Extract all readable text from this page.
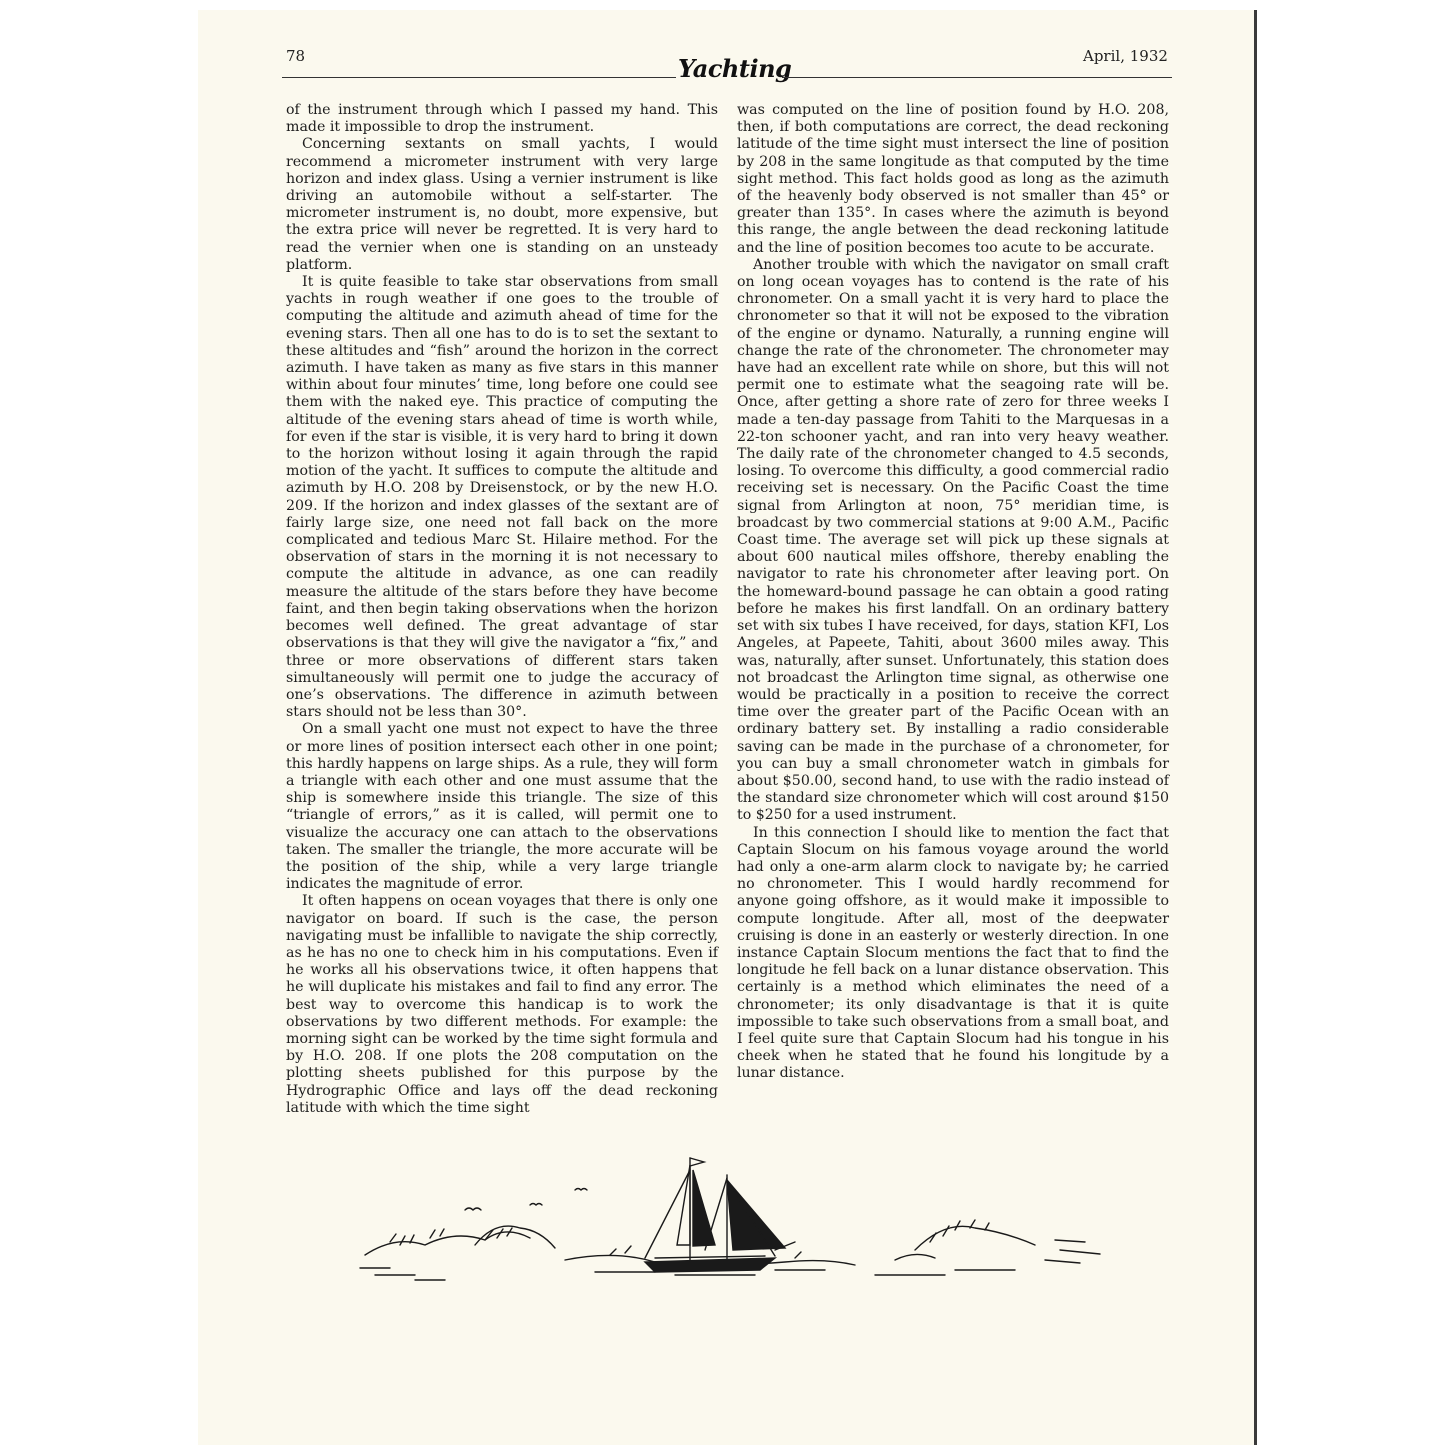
78	Yachting	April, 1932

of the instrument through which I passed my hand. This made it impossible to drop the instrument.

Concerning sextants on small yachts, I would recommend a micrometer instrument with very large horizon and index glass. Using a vernier instrument is like driving an automobile without a self-starter. The micrometer instrument is, no doubt, more expensive, but the extra price will never be regretted. It is very hard to read the vernier when one is standing on an unsteady platform.

It is quite feasible to take star observations from small yachts in rough weather if one goes to the trouble of computing the altitude and azimuth ahead of time for the evening stars. Then all one has to do is to set the sextant to these altitudes and “fish” around the horizon in the correct azimuth. I have taken as many as five stars in this manner within about four minutes’ time, long before one could see them with the naked eye. This practice of computing the altitude of the evening stars ahead of time is worth while, for even if the star is visible, it is very hard to bring it down to the horizon without losing it again through the rapid motion of the yacht. It suffices to compute the altitude and azimuth by H.O. 208 by Dreisenstock, or by the new H.O. 209. If the horizon and index glasses of the sextant are of fairly large size, one need not fall back on the more complicated and tedious Marc St. Hilaire method. For the observation of stars in the morning it is not necessary to compute the altitude in advance, as one can readily measure the altitude of the stars before they have become faint, and then begin taking observations when the horizon becomes well defined. The great advantage of star observations is that they will give the navigator a “fix,” and three or more observations of different stars taken simultaneously will permit one to judge the accuracy of one’s observations. The difference in azimuth between stars should not be less than 30°.

On a small yacht one must not expect to have the three or more lines of position intersect each other in one point; this hardly happens on large ships. As a rule, they will form a triangle with each other and one must assume that the ship is somewhere inside this triangle. The size of this “triangle of errors,” as it is called, will permit one to visualize the accuracy one can attach to the observations taken. The smaller the triangle, the more accurate will be the position of the ship, while a very large triangle indicates the magnitude of error.

It often happens on ocean voyages that there is only one navigator on board. If such is the case, the person navigating must be infallible to navigate the ship correctly, as he has no one to check him in his computations. Even if he works all his observations twice, it often happens that he will duplicate his mistakes and fail to find any error. The best way to overcome this handicap is to work the observations by two different methods. For example: the morning sight can be worked by the time sight formula and by H.O. 208. If one plots the 208 computation on the plotting sheets published for this purpose by the Hydrographic Office and lays off the dead reckoning latitude with which the time sight

was computed on the line of position found by H.O. 208, then, if both computations are correct, the dead reckoning latitude of the time sight must intersect the line of position by 208 in the same longitude as that computed by the time sight method. This fact holds good as long as the azimuth of the heavenly body observed is not smaller than 45° or greater than 135°. In cases where the azimuth is beyond this range, the angle between the dead reckoning latitude and the line of position becomes too acute to be accurate.

Another trouble with which the navigator on small craft on long ocean voyages has to contend is the rate of his chronometer. On a small yacht it is very hard to place the chronometer so that it will not be exposed to the vibration of the engine or dynamo. Naturally, a running engine will change the rate of the chronometer. The chronometer may have had an excellent rate while on shore, but this will not permit one to estimate what the seagoing rate will be. Once, after getting a shore rate of zero for three weeks I made a ten-day passage from Tahiti to the Marquesas in a 22-ton schooner yacht, and ran into very heavy weather. The daily rate of the chronometer changed to 4.5 seconds, losing. To overcome this difficulty, a good commercial radio receiving set is necessary. On the Pacific Coast the time signal from Arlington at noon, 75° meridian time, is broadcast by two commercial stations at 9:00 A.M., Pacific Coast time. The average set will pick up these signals at about 600 nautical miles offshore, thereby enabling the navigator to rate his chronometer after leaving port. On the homeward-bound passage he can obtain a good rating before he makes his first landfall. On an ordinary battery set with six tubes I have received, for days, station KFI, Los Angeles, at Papeete, Tahiti, about 3600 miles away. This was, naturally, after sunset. Unfortunately, this station does not broadcast the Arlington time signal, as otherwise one would be practically in a position to receive the correct time over the greater part of the Pacific Ocean with an ordinary battery set. By installing a radio considerable saving can be made in the purchase of a chronometer, for you can buy a small chronometer watch in gimbals for about $50.00, second hand, to use with the radio instead of the standard size chronometer which will cost around $150 to $250 for a used instrument.

In this connection I should like to mention the fact that Captain Slocum on his famous voyage around the world had only a one-arm alarm clock to navigate by; he carried no chronometer. This I would hardly recommend for anyone going offshore, as it would make it impossible to compute longitude. After all, most of the deepwater cruising is done in an easterly or westerly direction. In one instance Captain Slocum mentions the fact that to find the longitude he fell back on a lunar distance observation. This certainly is a method which eliminates the need of a chronometer; its only disadvantage is that it is quite impossible to take such observations from a small boat, and I feel quite sure that Captain Slocum had his tongue in his cheek when he stated that he found his longitude by a lunar distance.
